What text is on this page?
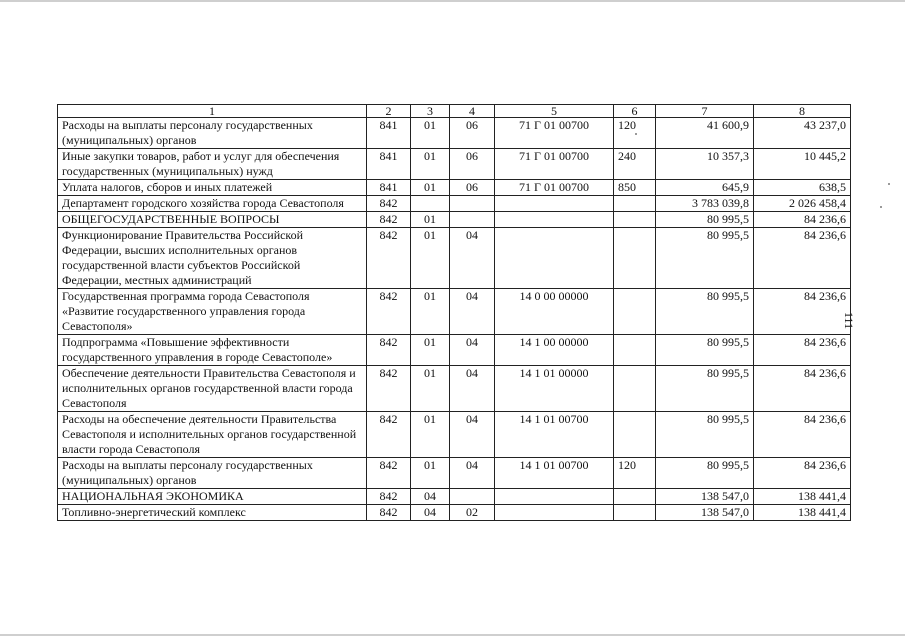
111
1	2	3	4	5	6	7	8
Расходы на выплаты персоналу государственных (муниципальных) органов	841	01	06	71 Г 01 00700	120	41 600,9	43 237,0
Иные закупки товаров, работ и услуг для обеспечения государственных (муниципальных) нужд	841	01	06	71 Г 01 00700	240	10 357,3	10 445,2
Уплата налогов, сборов и иных платежей	841	01	06	71 Г 01 00700	850	645,9	638,5
Департамент городского хозяйства города Севастополя	842					3 783 039,8	2 026 458,4
ОБЩЕГОСУДАРСТВЕННЫЕ ВОПРОСЫ	842	01				80 995,5	84 236,6
Функционирование Правительства Российской Федерации, высших исполнительных органов государственной власти субъектов Российской Федерации, местных администраций	842	01	04			80 995,5	84 236,6
Государственная программа города Севастополя «Развитие государственного управления города Севастополя»	842	01	04	14 0 00 00000		80 995,5	84 236,6
Подпрограмма «Повышение эффективности государственного управления в городе Севастополе»	842	01	04	14 1 00 00000		80 995,5	84 236,6
Обеспечение деятельности Правительства Севастополя и исполнительных органов государственной власти города Севастополя	842	01	04	14 1 01 00000		80 995,5	84 236,6
Расходы на обеспечение деятельности Правительства Севастополя и исполнительных органов государственной власти города Севастополя	842	01	04	14 1 01 00700		80 995,5	84 236,6
Расходы на выплаты персоналу государственных (муниципальных) органов	842	01	04	14 1 01 00700	120	80 995,5	84 236,6
НАЦИОНАЛЬНАЯ ЭКОНОМИКА	842	04				138 547,0	138 441,4
Топливно-энергетический комплекс	842	04	02			138 547,0	138 441,4
